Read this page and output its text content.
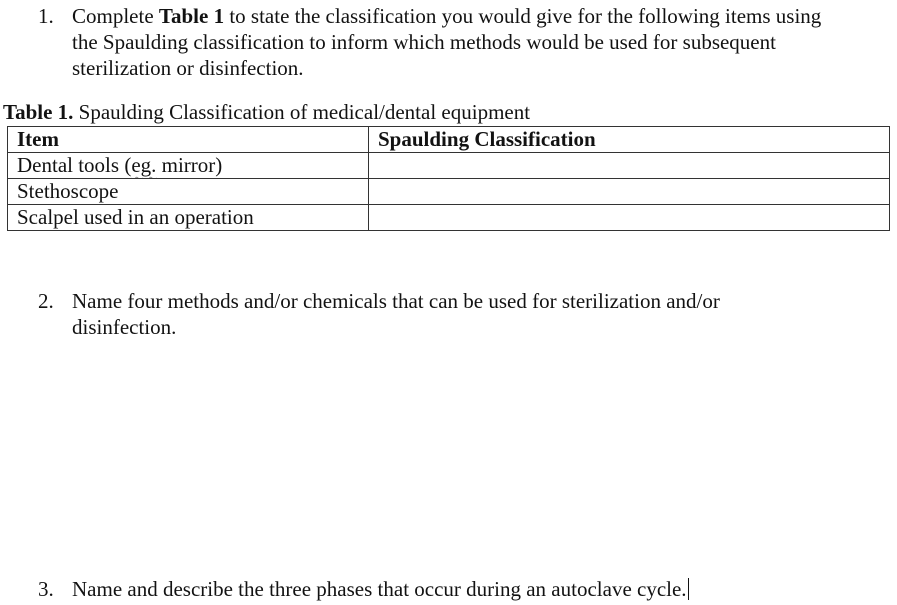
1. Complete Table 1 to state the classification you would give for the following items using
the Spaulding classification to inform which methods would be used for subsequent
sterilization or disinfection.
Table 1. Spaulding Classification of medical/dental equipment
Item	Spaulding Classification
Dental tools (eg. mirror)	
Stethoscope	
Scalpel used in an operation	
2. Name four methods and/or chemicals that can be used for sterilization and/or
disinfection.
3. Name and describe the three phases that occur during an autoclave cycle.
